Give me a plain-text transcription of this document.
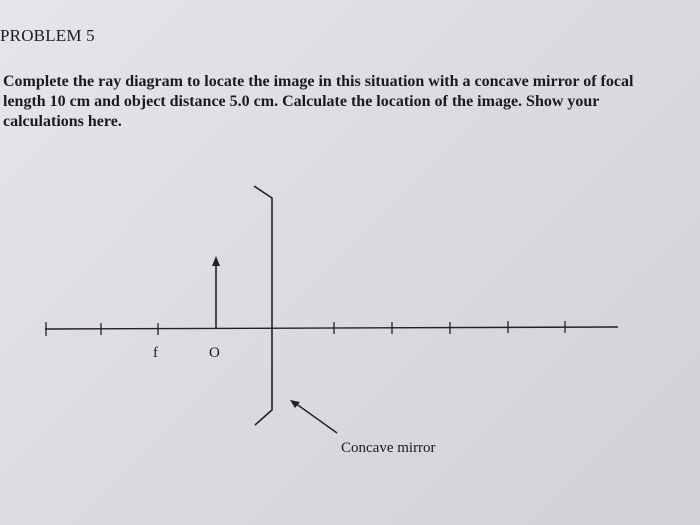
PROBLEM 5
Complete the ray diagram to locate the image in this situation with a concave mirror of focal
length 10 cm and object distance 5.0 cm. Calculate the location of the image. Show your
calculations here.
f	O
Concave mirror
